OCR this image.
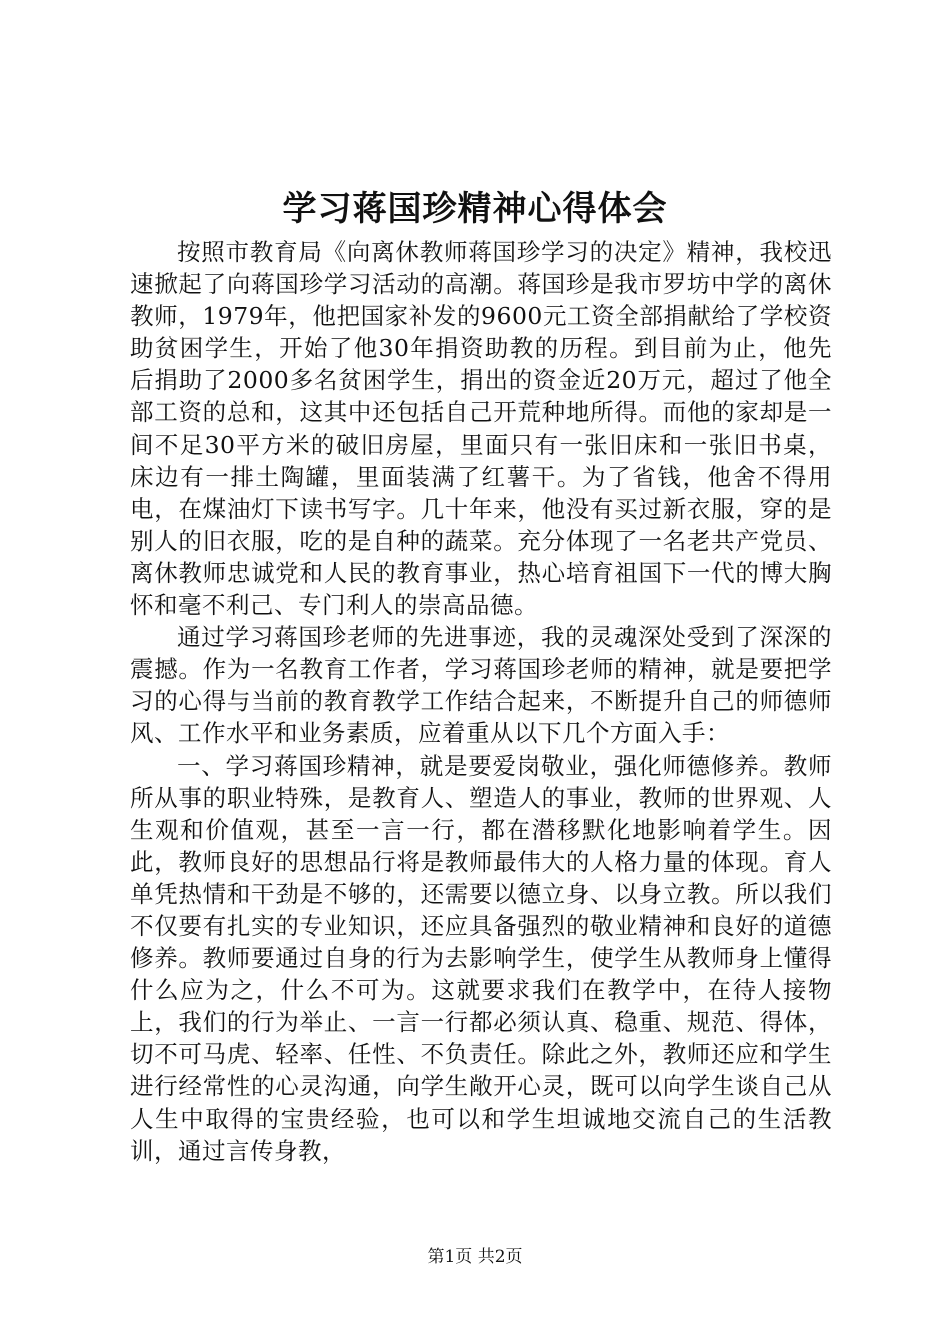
学习蒋国珍精神心得体会

按照市教育局《向离休教师蒋国珍学习的决定》精神，我校迅速掀起了向蒋国珍学习活动的高潮。蒋国珍是我市罗坊中学的离休教师，1979年，他把国家补发的9600元工资全部捐献给了学校资助贫困学生，开始了他30年捐资助教的历程。到目前为止，他先后捐助了2000多名贫困学生，捐出的资金近20万元，超过了他全部工资的总和，这其中还包括自己开荒种地所得。而他的家却是一间不足30平方米的破旧房屋，里面只有一张旧床和一张旧书桌，床边有一排土陶罐，里面装满了红薯干。为了省钱，他舍不得用电，在煤油灯下读书写字。几十年来，他没有买过新衣服，穿的是别人的旧衣服，吃的是自种的蔬菜。充分体现了一名老共产党员、离休教师忠诚党和人民的教育事业，热心培育祖国下一代的博大胸怀和毫不利己、专门利人的崇高品德。

通过学习蒋国珍老师的先进事迹，我的灵魂深处受到了深深的震撼。作为一名教育工作者，学习蒋国珍老师的精神，就是要把学习的心得与当前的教育教学工作结合起来，不断提升自己的师德师风、工作水平和业务素质，应着重从以下几个方面入手：

一、学习蒋国珍精神，就是要爱岗敬业，强化师德修养。教师所从事的职业特殊，是教育人、塑造人的事业，教师的世界观、人生观和价值观，甚至一言一行，都在潜移默化地影响着学生。因此，教师良好的思想品行将是教师最伟大的人格力量的体现。育人单凭热情和干劲是不够的，还需要以德立身、以身立教。所以我们不仅要有扎实的专业知识，还应具备强烈的敬业精神和良好的道德修养。教师要通过自身的行为去影响学生，使学生从教师身上懂得什么应为之，什么不可为。这就要求我们在教学中，在待人接物上，我们的行为举止、一言一行都必须认真、稳重、规范、得体，切不可马虎、轻率、任性、不负责任。除此之外，教师还应和学生进行经常性的心灵沟通，向学生敞开心灵，既可以向学生谈自己从人生中取得的宝贵经验，也可以和学生坦诚地交流自己的生活教训，通过言传身教，

第1页 共2页
